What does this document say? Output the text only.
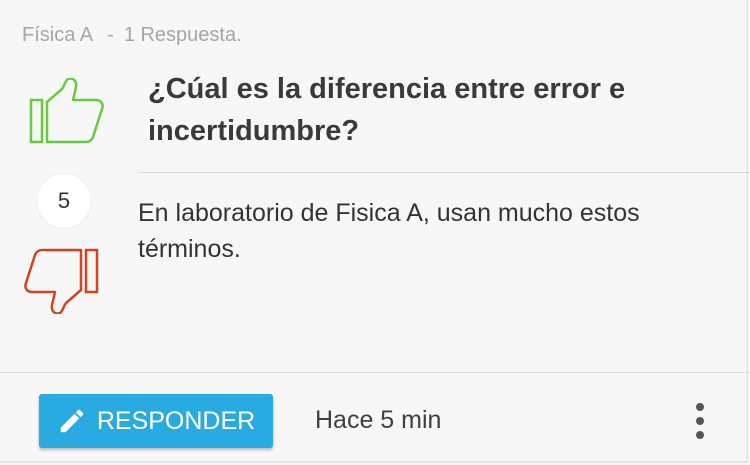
Física A - 1 Respuesta.
5
¿Cúal es la diferencia entre error e incertidumbre?
En laboratorio de Fisica A, usan mucho estos términos.
RESPONDER Hace 5 min
